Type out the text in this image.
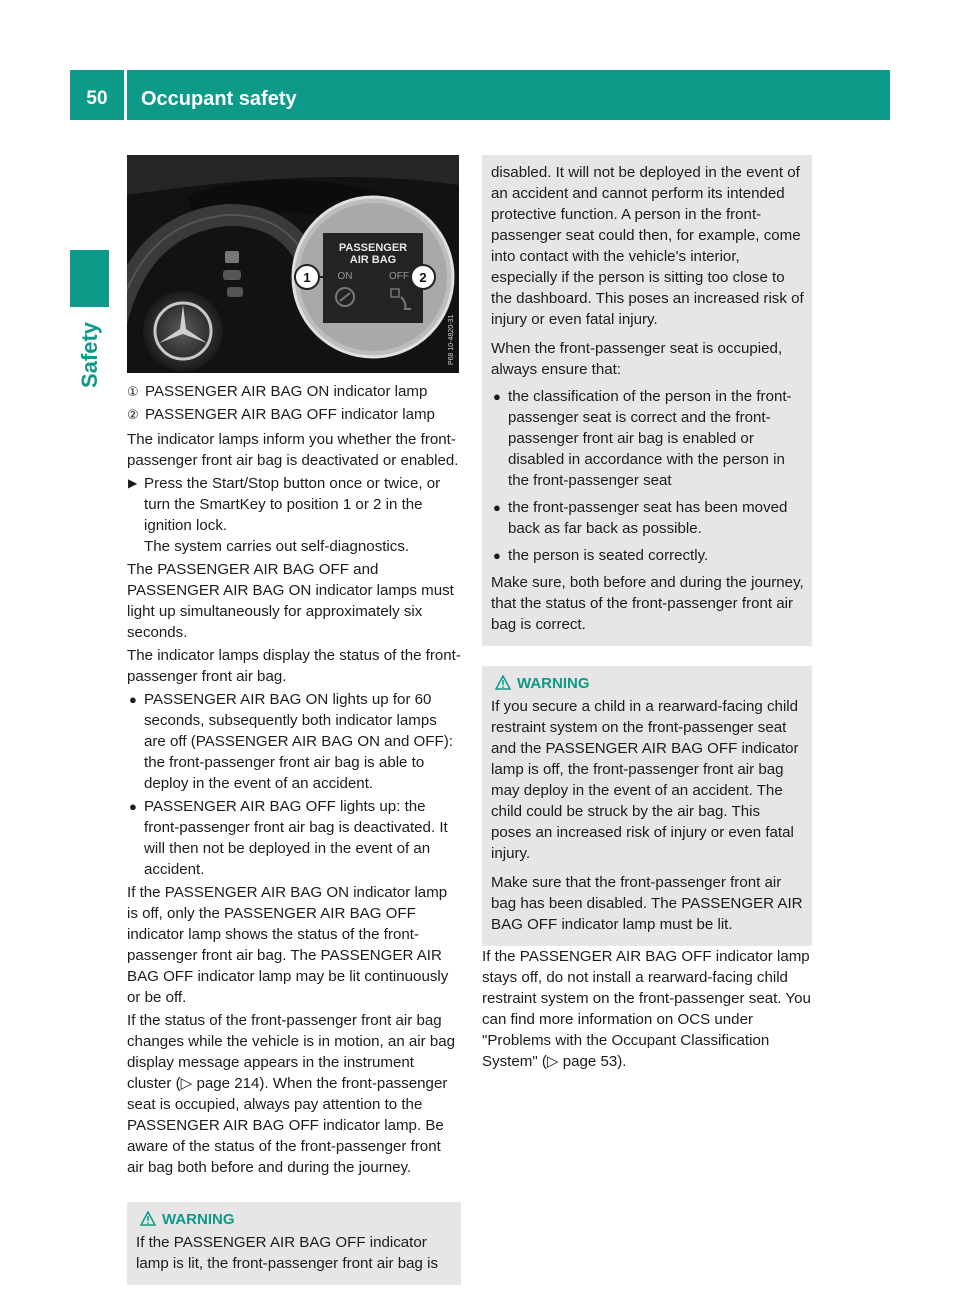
50	Occupant safety
Safety
PASSENGER
AIR BAG
ON	OFF
1	2
P68 10-4820-31

① PASSENGER AIR BAG ON indicator lamp

② PASSENGER AIR BAG OFF indicator lamp

The indicator lamps inform you whether the front-passenger front air bag is deactivated or enabled.

▶ Press the Start/Stop button once or twice, or turn the SmartKey to position 1 or 2 in the ignition lock.
The system carries out self-diagnostics.

The PASSENGER AIR BAG OFF and PASSENGER AIR BAG ON indicator lamps must light up simultaneously for approximately six seconds.

The indicator lamps display the status of the front-passenger front air bag.

● PASSENGER AIR BAG ON lights up for 60 seconds, subsequently both indicator lamps are off (PASSENGER AIR BAG ON and OFF): the front-passenger front air bag is able to deploy in the event of an accident.
● PASSENGER AIR BAG OFF lights up: the front-passenger front air bag is deactivated. It will then not be deployed in the event of an accident.

If the PASSENGER AIR BAG ON indicator lamp is off, only the PASSENGER AIR BAG OFF indicator lamp shows the status of the front-passenger front air bag. The PASSENGER AIR BAG OFF indicator lamp may be lit continuously or be off.

If the status of the front-passenger front air bag changes while the vehicle is in motion, an air bag display message appears in the instrument cluster (▷ page 214). When the front-passenger seat is occupied, always pay attention to the PASSENGER AIR BAG OFF indicator lamp. Be aware of the status of the front-passenger front air bag both before and during the journey.

WARNING

If the PASSENGER AIR BAG OFF indicator lamp is lit, the front-passenger front air bag is

disabled. It will not be deployed in the event of an accident and cannot perform its intended protective function. A person in the front-passenger seat could then, for example, come into contact with the vehicle's interior, especially if the person is sitting too close to the dashboard. This poses an increased risk of injury or even fatal injury.

When the front-passenger seat is occupied, always ensure that:

● the classification of the person in the front-passenger seat is correct and the front-passenger front air bag is enabled or disabled in accordance with the person in the front-passenger seat
● the front-passenger seat has been moved back as far back as possible.
● the person is seated correctly.

Make sure, both before and during the journey, that the status of the front-passenger front air bag is correct.

WARNING

If you secure a child in a rearward-facing child restraint system on the front-passenger seat and the PASSENGER AIR BAG OFF indicator lamp is off, the front-passenger front air bag may deploy in the event of an accident. The child could be struck by the air bag. This poses an increased risk of injury or even fatal injury.

Make sure that the front-passenger front air bag has been disabled. The PASSENGER AIR BAG OFF indicator lamp must be lit.

If the PASSENGER AIR BAG OFF indicator lamp stays off, do not install a rearward-facing child restraint system on the front-passenger seat. You can find more information on OCS under "Problems with the Occupant Classification System" (▷ page 53).
